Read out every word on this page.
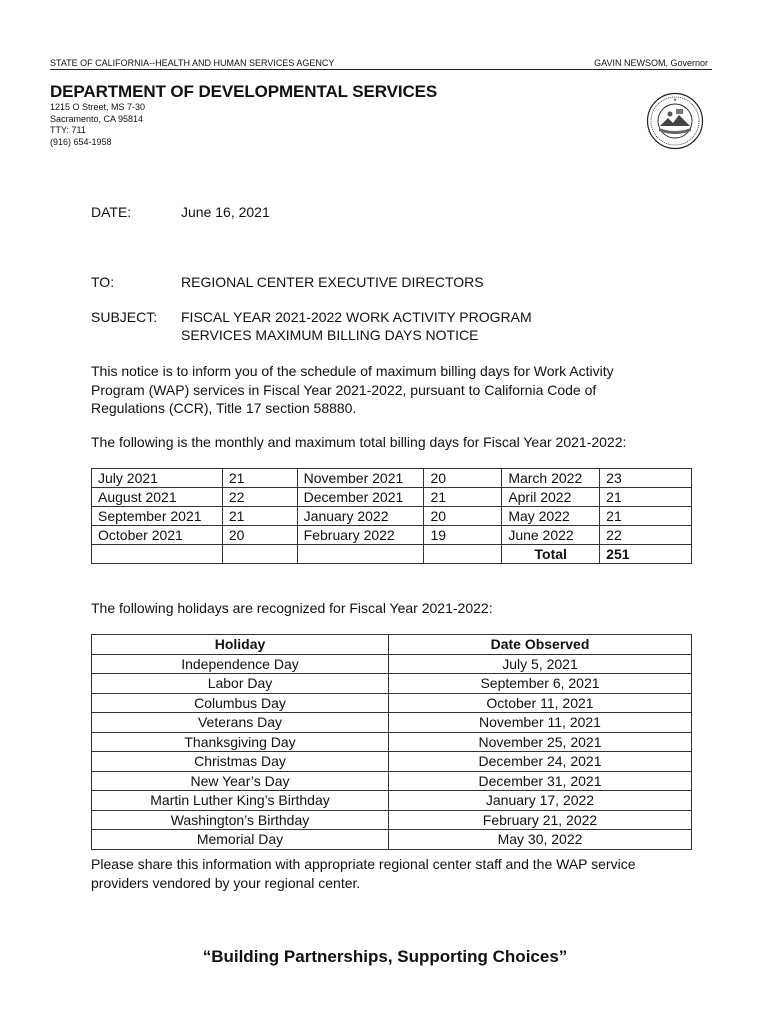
STATE OF CALIFORNIA--HEALTH AND HUMAN SERVICES AGENCY	GAVIN NEWSOM, Governor
DEPARTMENT OF DEVELOPMENTAL SERVICES
1215 O Street, MS 7-30
Sacramento, CA 95814
TTY: 711
(916) 654-1958
★
DATE:	June 16, 2021
TO:	REGIONAL CENTER EXECUTIVE DIRECTORS
SUBJECT: FISCAL YEAR 2021-2022 WORK ACTIVITY PROGRAM
SERVICES MAXIMUM BILLING DAYS NOTICE
This notice is to inform you of the schedule of maximum billing days for Work Activity
Program (WAP) services in Fiscal Year 2021-2022, pursuant to California Code of
Regulations (CCR), Title 17 section 58880.
The following is the monthly and maximum total billing days for Fiscal Year 2021-2022:
July 2021	21	November 2021	20	March 2022	23
August 2021	22	December 2021	21	April 2022	21
September 2021	21	January 2022	20	May 2022	21
October 2021	20	February 2022	19	June 2022	22
				Total	251
The following holidays are recognized for Fiscal Year 2021-2022:
Holiday	Date Observed
Independence Day	July 5, 2021
Labor Day	September 6, 2021
Columbus Day	October 11, 2021
Veterans Day	November 11, 2021
Thanksgiving Day	November 25, 2021
Christmas Day	December 24, 2021
New Year’s Day	December 31, 2021
Martin Luther King’s Birthday	January 17, 2022
Washington’s Birthday	February 21, 2022
Memorial Day	May 30, 2022
Please share this information with appropriate regional center staff and the WAP service
providers vendored by your regional center.
“Building Partnerships, Supporting Choices”
